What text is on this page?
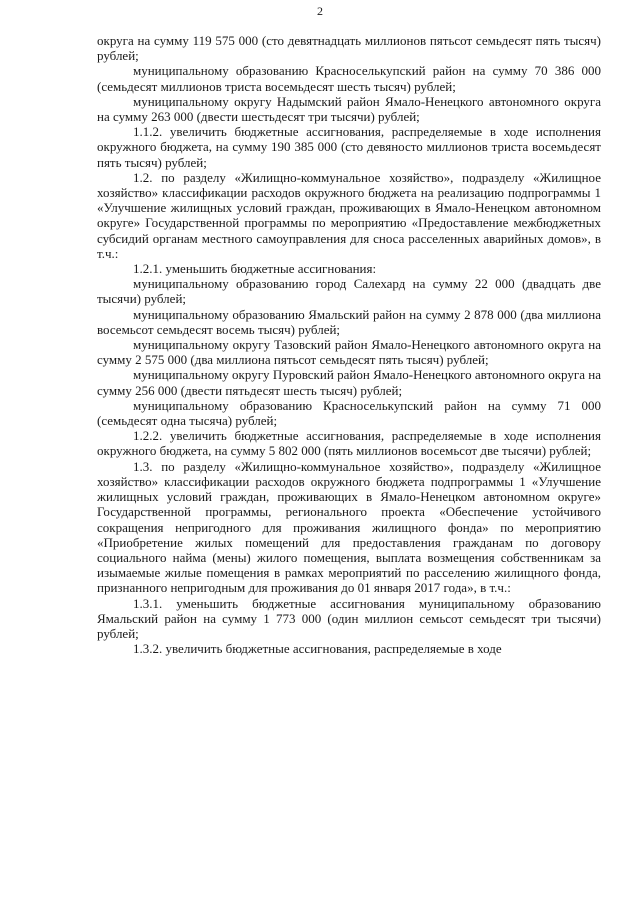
2

округа на сумму 119 575 000 (сто девятнадцать миллионов пятьсот семьдесят пять тысяч) рублей;

муниципальному образованию Красноселькупский район на сумму 70 386 000 (семьдесят миллионов триста восемьдесят шесть тысяч) рублей;

муниципальному округу Надымский район Ямало-Ненецкого автономного округа на сумму 263 000 (двести шестьдесят три тысячи) рублей;

1.1.2. увеличить бюджетные ассигнования, распределяемые в ходе исполнения окружного бюджета, на сумму 190 385 000 (сто девяносто миллионов триста восемьдесят пять тысяч) рублей;

1.2. по разделу «Жилищно-коммунальное хозяйство», подразделу «Жилищное хозяйство» классификации расходов окружного бюджета на реализацию подпрограммы 1 «Улучшение жилищных условий граждан, проживающих в Ямало-Ненецком автономном округе» Государственной программы по мероприятию «Предоставление межбюджетных субсидий органам местного самоуправления для сноса расселенных аварийных домов», в т.ч.:

1.2.1. уменьшить бюджетные ассигнования:

муниципальному образованию город Салехард на сумму 22 000 (двадцать две тысячи) рублей;

муниципальному образованию Ямальский район на сумму 2 878 000 (два миллиона восемьсот семьдесят восемь тысяч) рублей;

муниципальному округу Тазовский район Ямало-Ненецкого автономного округа на сумму 2 575 000 (два миллиона пятьсот семьдесят пять тысяч) рублей;

муниципальному округу Пуровский район Ямало-Ненецкого автономного округа на сумму 256 000 (двести пятьдесят шесть тысяч) рублей;

муниципальному образованию Красноселькупский район на сумму 71 000 (семьдесят одна тысяча) рублей;

1.2.2. увеличить бюджетные ассигнования, распределяемые в ходе исполнения окружного бюджета, на сумму 5 802 000 (пять миллионов восемьсот две тысячи) рублей;

1.3. по разделу «Жилищно-коммунальное хозяйство», подразделу «Жилищное хозяйство» классификации расходов окружного бюджета подпрограммы 1 «Улучшение жилищных условий граждан, проживающих в Ямало-Ненецком автономном округе» Государственной программы, регионального проекта «Обеспечение устойчивого сокращения непригодного для проживания жилищного фонда» по мероприятию «Приобретение жилых помещений для предоставления гражданам по договору социального найма (мены) жилого помещения, выплата возмещения собственникам за изымаемые жилые помещения в рамках мероприятий по расселению жилищного фонда, признанного непригодным для проживания до 01 января 2017 года», в т.ч.:

1.3.1. уменьшить бюджетные ассигнования муниципальному образованию Ямальский район на сумму 1 773 000 (один миллион семьсот семьдесят три тысячи) рублей;

1.3.2. увеличить бюджетные ассигнования, распределяемые в ходе
